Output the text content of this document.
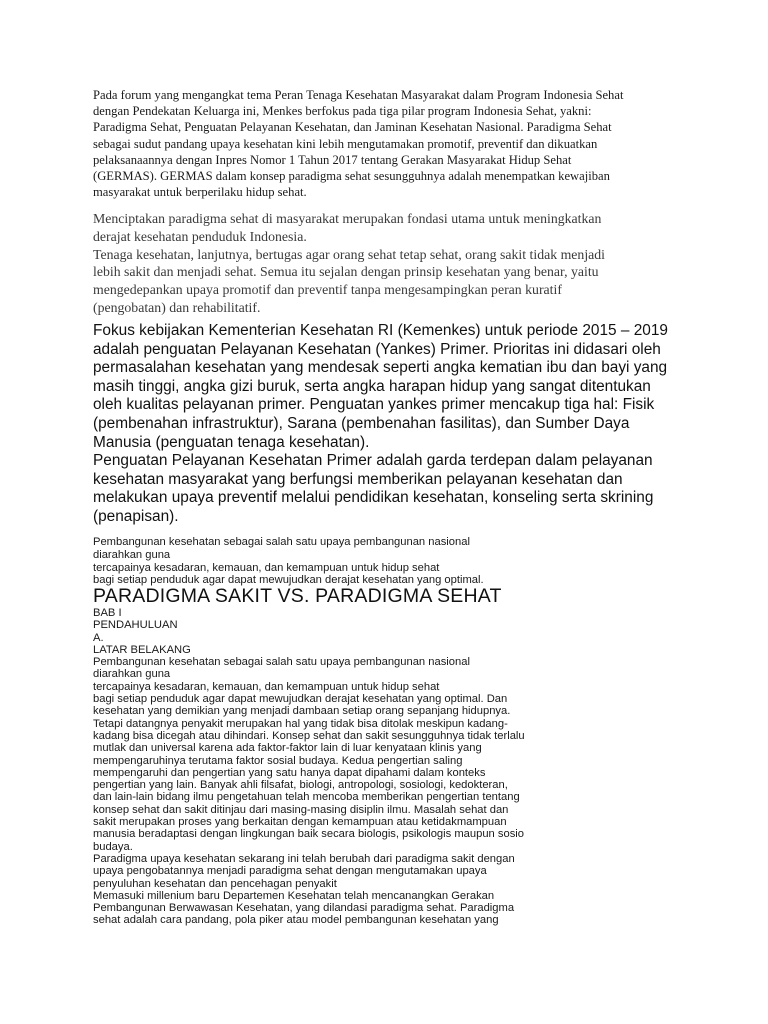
Pada forum yang mengangkat tema Peran Tenaga Kesehatan Masyarakat dalam Program Indonesia Sehat
dengan Pendekatan Keluarga ini, Menkes berfokus pada tiga pilar program Indonesia Sehat, yakni:
Paradigma Sehat, Penguatan Pelayanan Kesehatan, dan Jaminan Kesehatan Nasional. Paradigma Sehat
sebagai sudut pandang upaya kesehatan kini lebih mengutamakan promotif, preventif dan dikuatkan
pelaksanaannya dengan Inpres Nomor 1 Tahun 2017 tentang Gerakan Masyarakat Hidup Sehat
(GERMAS). GERMAS dalam konsep paradigma sehat sesungguhnya adalah menempatkan kewajiban
masyarakat untuk berperilaku hidup sehat.

Menciptakan paradigma sehat di masyarakat merupakan fondasi utama untuk meningkatkan
derajat kesehatan penduduk Indonesia.
Tenaga kesehatan, lanjutnya, bertugas agar orang sehat tetap sehat, orang sakit tidak menjadi
lebih sakit dan menjadi sehat. Semua itu sejalan dengan prinsip kesehatan yang benar, yaitu
mengedepankan upaya promotif dan preventif tanpa mengesampingkan peran kuratif
(pengobatan) dan rehabilitatif.

Fokus kebijakan Kementerian Kesehatan RI (Kemenkes) untuk periode 2015 – 2019
adalah penguatan Pelayanan Kesehatan (Yankes) Primer. Prioritas ini didasari oleh
permasalahan kesehatan yang mendesak seperti angka kematian ibu dan bayi yang
masih tinggi, angka gizi buruk, serta angka harapan hidup yang sangat ditentukan
oleh kualitas pelayanan primer. Penguatan yankes primer mencakup tiga hal: Fisik
(pembenahan infrastruktur), Sarana (pembenahan fasilitas), dan Sumber Daya
Manusia (penguatan tenaga kesehatan).
Penguatan Pelayanan Kesehatan Primer adalah garda terdepan dalam pelayanan
kesehatan masyarakat yang berfungsi memberikan pelayanan kesehatan dan
melakukan upaya preventif melalui pendidikan kesehatan, konseling serta skrining
(penapisan).

Pembangunan kesehatan sebagai salah satu upaya pembangunan nasional
diarahkan guna
tercapainya kesadaran, kemauan, dan kemampuan untuk hidup sehat
bagi setiap penduduk agar dapat mewujudkan derajat kesehatan yang optimal.

PARADIGMA SAKIT VS. PARADIGMA SEHAT

BAB I
PENDAHULUAN
A.
LATAR BELAKANG
Pembangunan kesehatan sebagai salah satu upaya pembangunan nasional
diarahkan guna
tercapainya kesadaran, kemauan, dan kemampuan untuk hidup sehat
bagi setiap penduduk agar dapat mewujudkan derajat kesehatan yang optimal. Dan
kesehatan yang demikian yang menjadi dambaan setiap orang sepanjang hidupnya.
Tetapi datangnya penyakit merupakan hal yang tidak bisa ditolak meskipun kadang-
kadang bisa dicegah atau dihindari. Konsep sehat dan sakit sesungguhnya tidak terlalu
mutlak dan universal karena ada faktor-faktor lain di luar kenyataan klinis yang
mempengaruhinya terutama faktor sosial budaya. Kedua pengertian saling
mempengaruhi dan pengertian yang satu hanya dapat dipahami dalam konteks
pengertian yang lain. Banyak ahli filsafat, biologi, antropologi, sosiologi, kedokteran,
dan lain-lain bidang ilmu pengetahuan telah mencoba memberikan pengertian tentang
konsep sehat dan sakit ditinjau dari masing-masing disiplin ilmu. Masalah sehat dan
sakit merupakan proses yang berkaitan dengan kemampuan atau ketidakmampuan
manusia beradaptasi dengan lingkungan baik secara biologis, psikologis maupun sosio
budaya.
Paradigma upaya kesehatan sekarang ini telah berubah dari paradigma sakit dengan
upaya pengobatannya menjadi paradigma sehat dengan mengutamakan upaya
penyuluhan kesehatan dan pencehagan penyakit
Memasuki millenium baru Departemen Kesehatan telah mencanangkan Gerakan
Pembangunan Berwawasan Kesehatan, yang dilandasi paradigma sehat. Paradigma
sehat adalah cara pandang, pola piker atau model pembangunan kesehatan yang
